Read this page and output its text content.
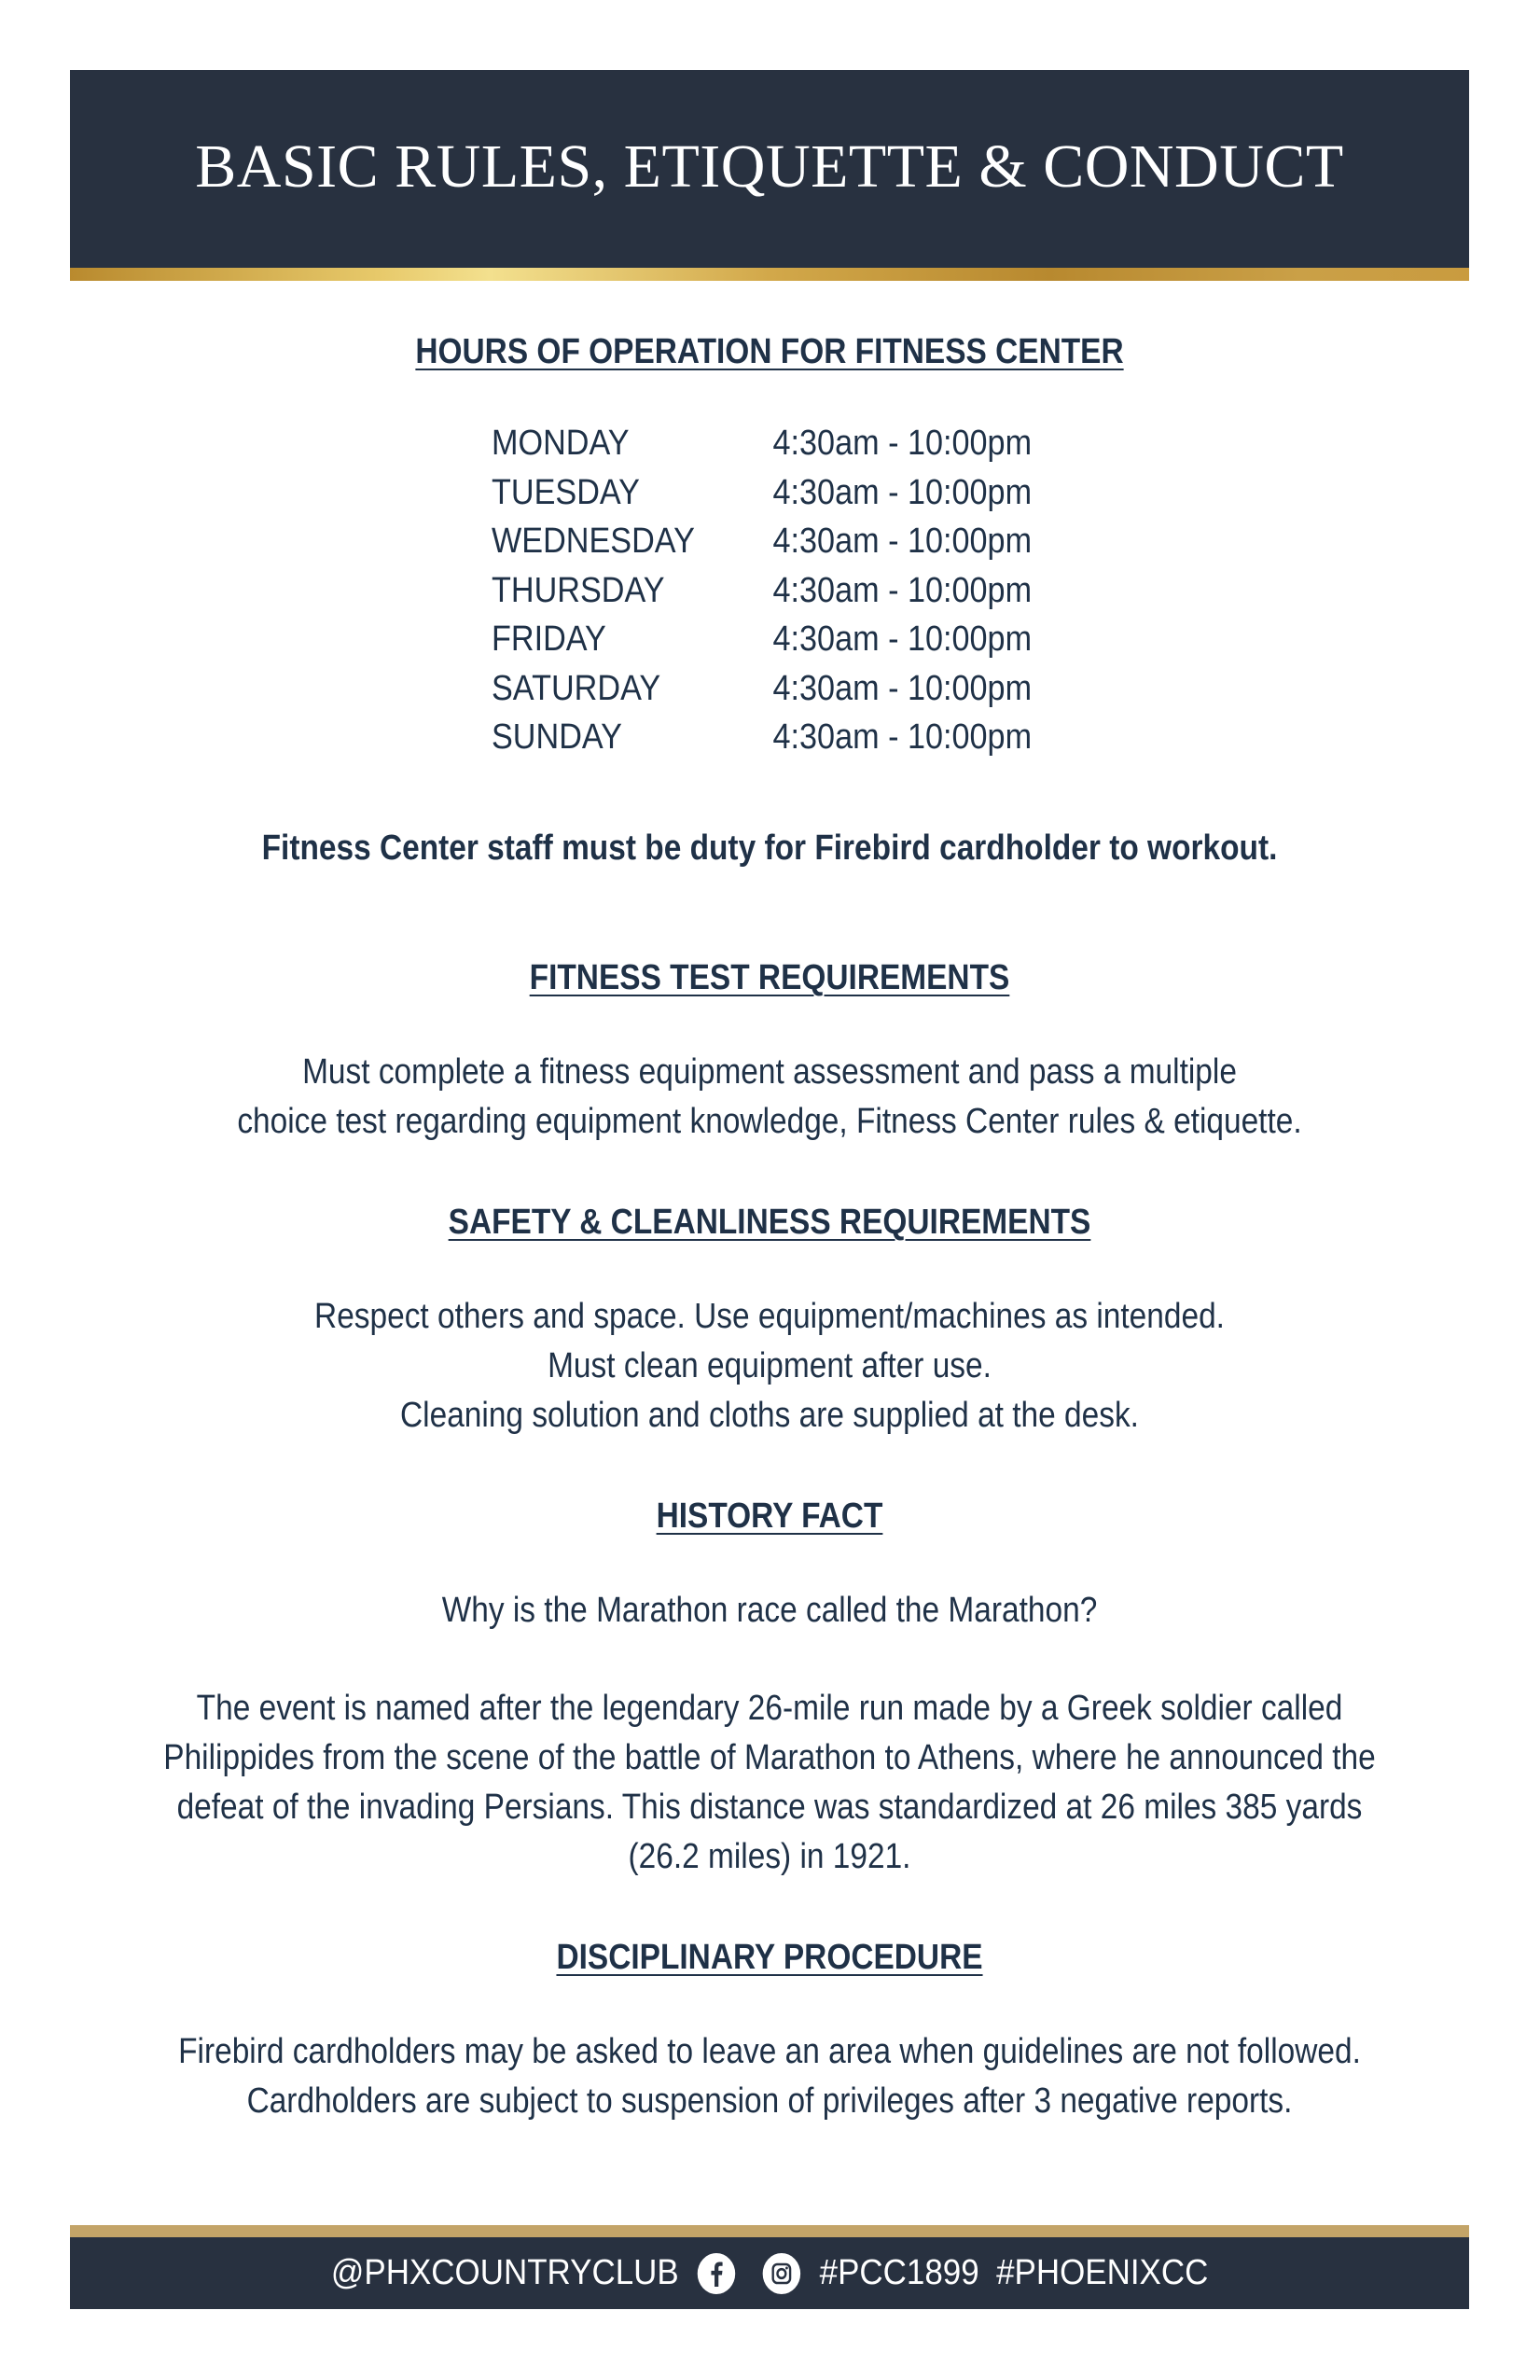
BASIC RULES, ETIQUETTE & CONDUCT
HOURS OF OPERATION FOR FITNESS CENTER
MONDAY	4:30am - 10:00pm
TUESDAY	4:30am - 10:00pm
WEDNESDAY	4:30am - 10:00pm
THURSDAY	4:30am - 10:00pm
FRIDAY	4:30am - 10:00pm
SATURDAY	4:30am - 10:00pm
SUNDAY	4:30am - 10:00pm
Fitness Center staff must be duty for Firebird cardholder to workout.
FITNESS TEST REQUIREMENTS
Must complete a fitness equipment assessment and pass a multiple
choice test regarding equipment knowledge, Fitness Center rules & etiquette.
SAFETY & CLEANLINESS REQUIREMENTS
Respect others and space. Use equipment/machines as intended.
Must clean equipment after use.
Cleaning solution and cloths are supplied at the desk.
HISTORY FACT
Why is the Marathon race called the Marathon?
The event is named after the legendary 26-mile run made by a Greek soldier called
Philippides from the scene of the battle of Marathon to Athens, where he announced the
defeat of the invading Persians. This distance was standardized at 26 miles 385 yards
(26.2 miles) in 1921.
DISCIPLINARY PROCEDURE
Firebird cardholders may be asked to leave an area when guidelines are not followed.
Cardholders are subject to suspension of privileges after 3 negative reports.
@PHXCOUNTRYCLUB	#PCC1899 #PHOENIXCC
